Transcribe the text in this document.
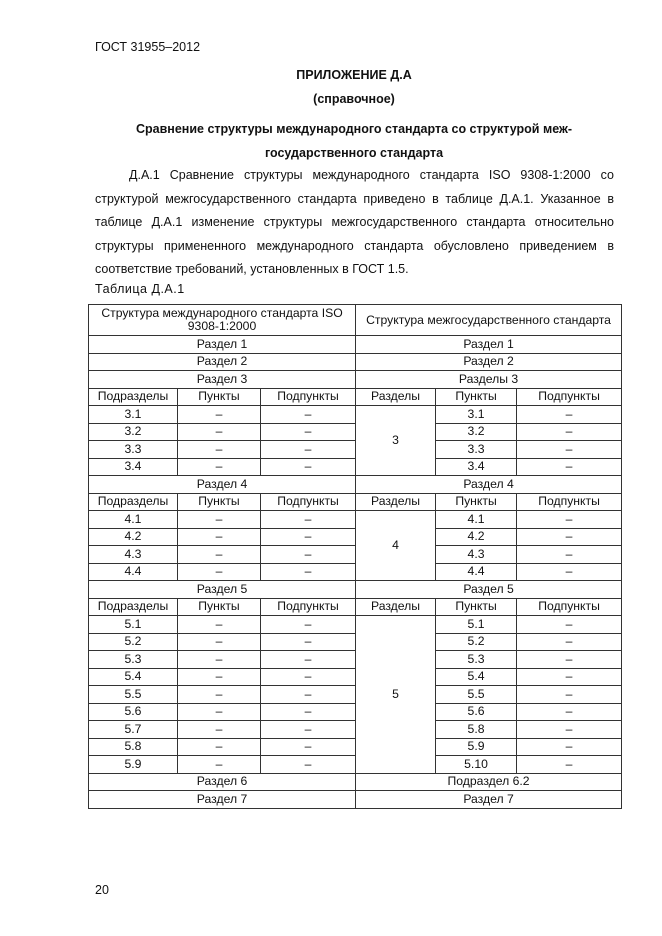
ГОСТ 31955–2012
ПРИЛОЖЕНИЕ Д.А
(справочное)
Сравнение структуры международного стандарта со структурой меж-
государственного стандарта

Д.А.1 Сравнение структуры международного стандарта ISO 9308-1:2000 со структурой межгосударственного стандарта приведено в таблице Д.А.1. Указанное в таблице Д.А.1 изменение структуры межгосударственного стандарта относительно структуры примененного международного стандарта обусловлено приведением в соответствие требований, установленных в ГОСТ 1.5.

Таблица Д.А.1
Структура международного стандарта ISO 9308-1:2000			Структура межгосударственного стандарта		
Раздел 1			Раздел 1		
Раздел 2			Раздел 2		
Раздел 3			Разделы 3		
Подразделы	Пункты	Подпункты	Разделы	Пункты	Подпункты
3.1	–	–	3	3.1	–
3.2	–	–		3.2	–
3.3	–	–		3.3	–
3.4	–	–		3.4	–
Раздел 4			Раздел 4		
Подразделы	Пункты	Подпункты	Разделы	Пункты	Подпункты
4.1	–	–	4	4.1	–
4.2	–	–		4.2	–
4.3	–	–		4.3	–
4.4	–	–		4.4	–
Раздел 5			Раздел 5		
Подразделы	Пункты	Подпункты	Разделы	Пункты	Подпункты
5.1	–	–	5	5.1	–
5.2	–	–		5.2	–
5.3	–	–		5.3	–
5.4	–	–		5.4	–
5.5	–	–		5.5	–
5.6	–	–		5.6	–
5.7	–	–		5.8	–
5.8	–	–		5.9	–
5.9	–	–		5.10	–
Раздел 6			Подраздел 6.2		
Раздел 7			Раздел 7		
20
